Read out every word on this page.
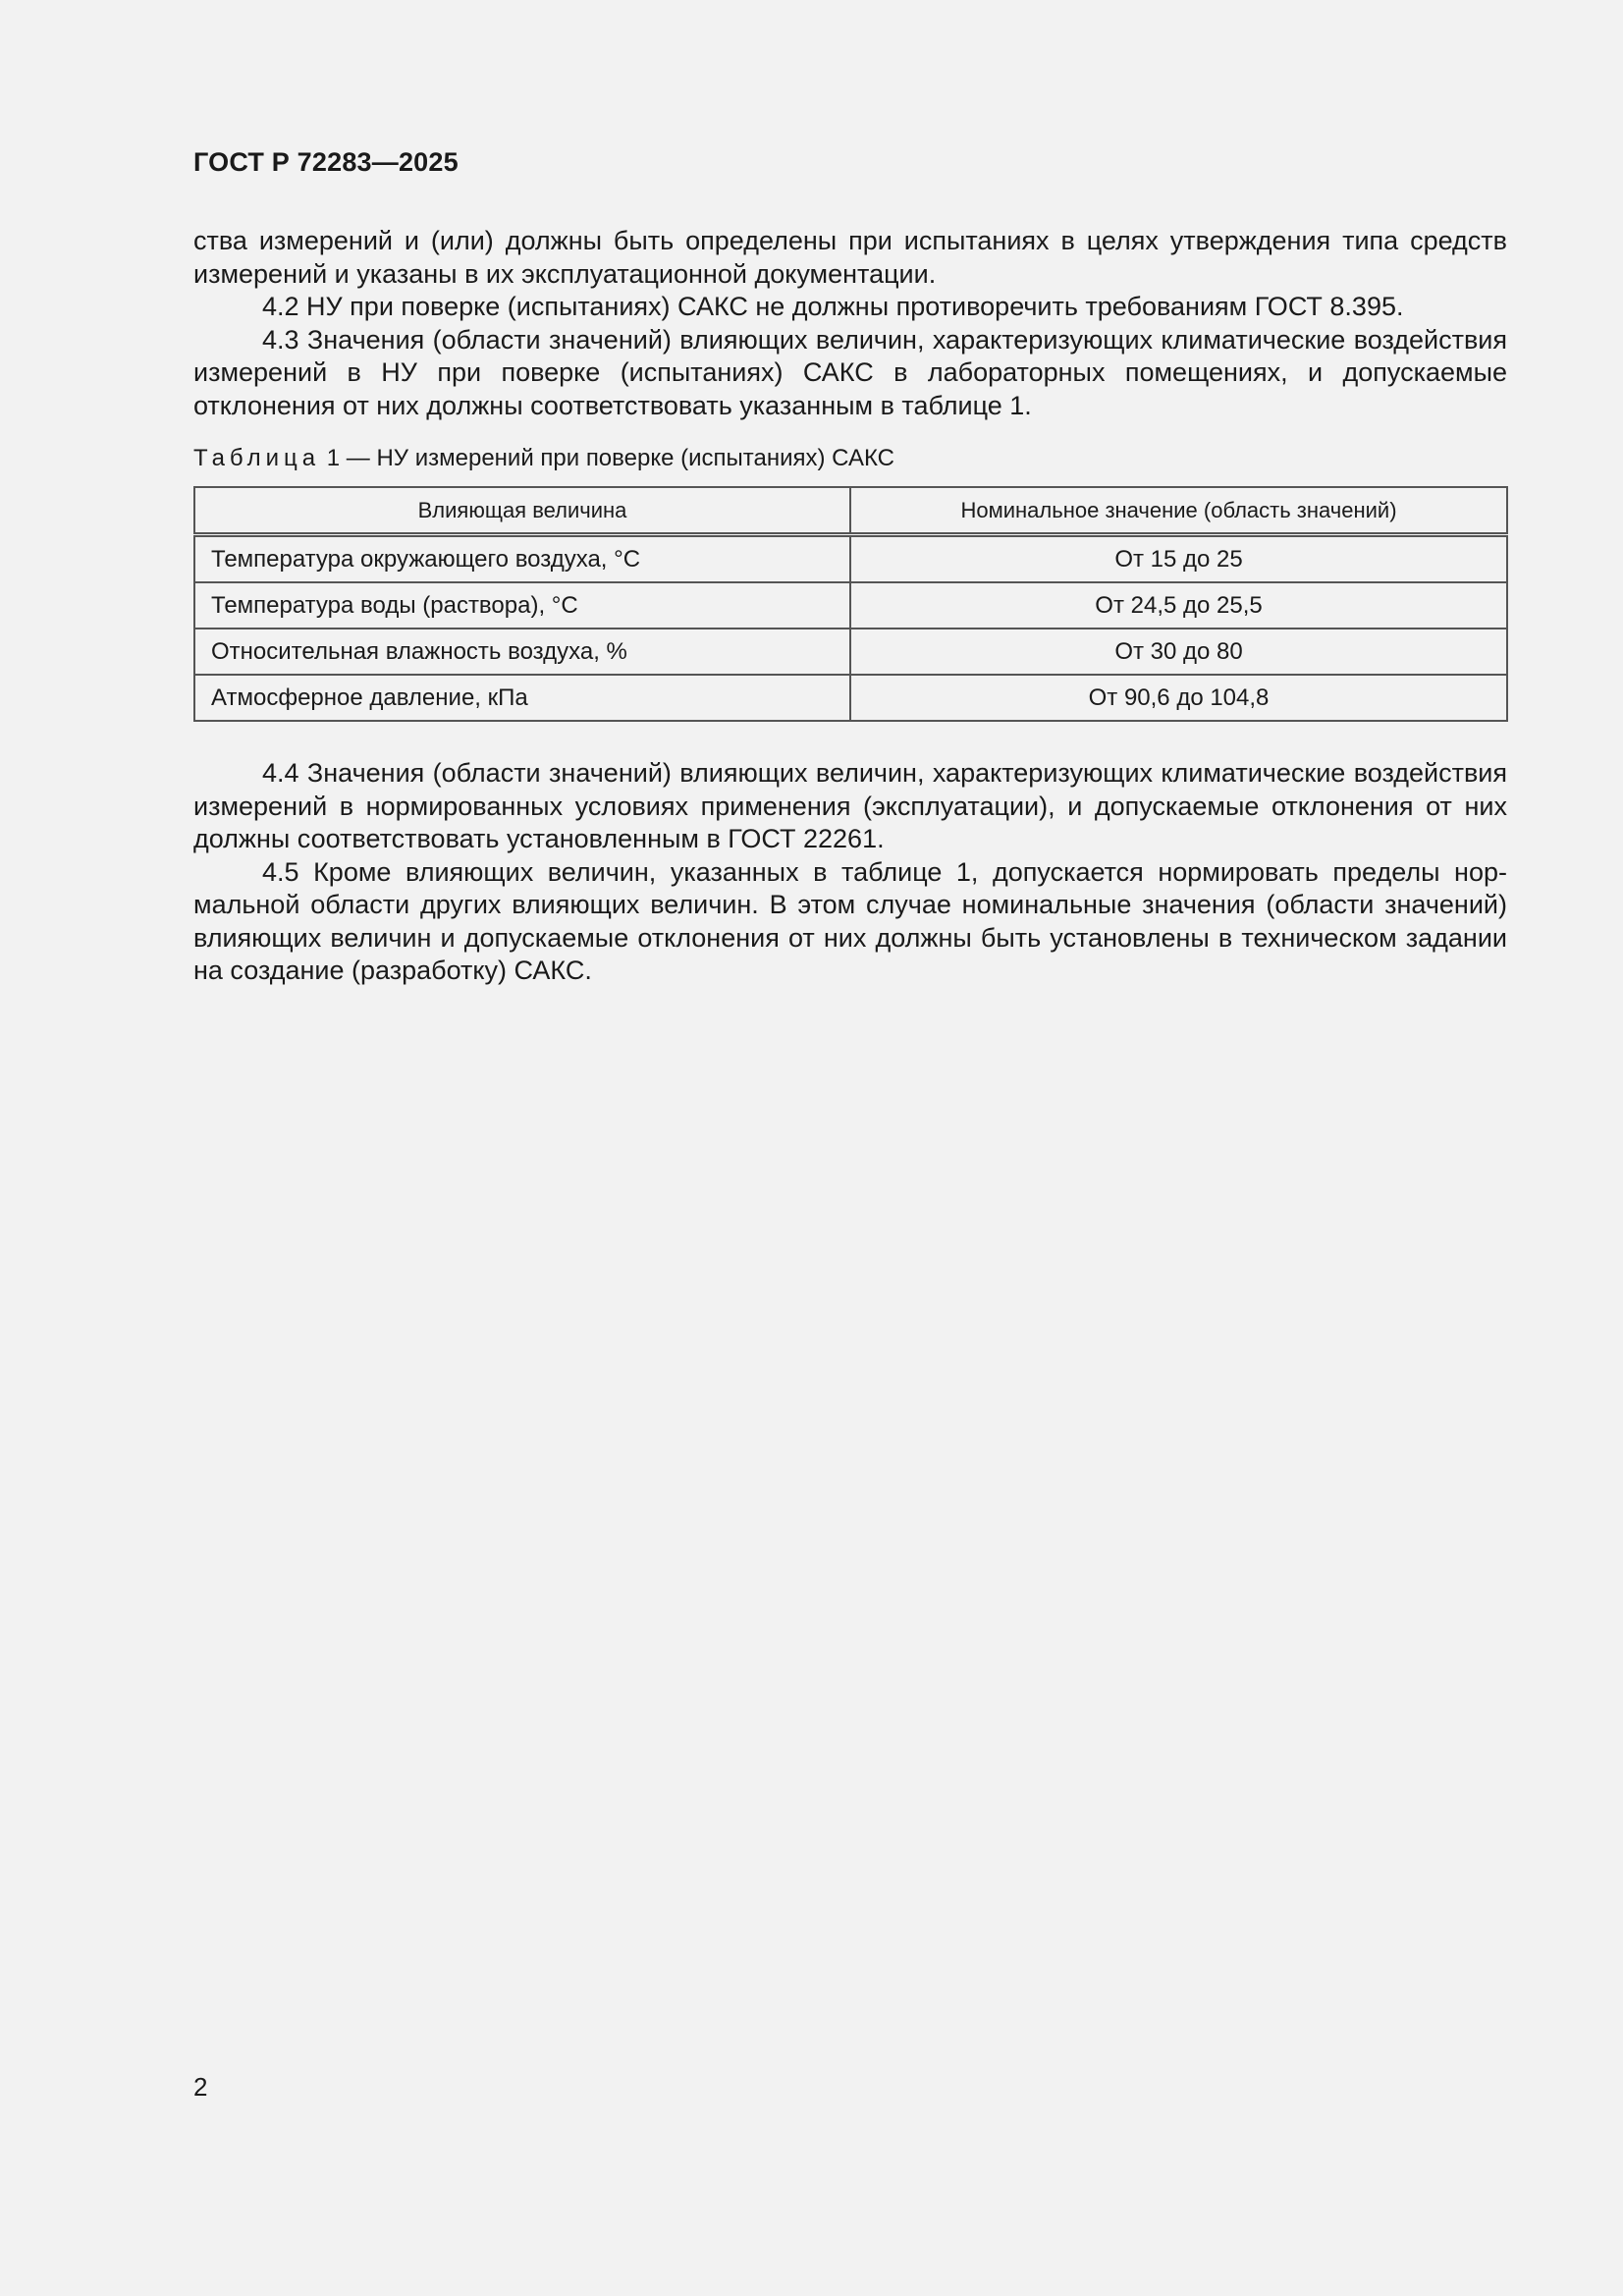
ГОСТ Р 72283—2025

ства измерений и (или) должны быть определены при испытаниях в целях утверждения типа средств измерений и указаны в их эксплуатационной документации.

4.2 НУ при поверке (испытаниях) САКС не должны противоречить требованиям ГОСТ 8.395.

4.3 Значения (области значений) влияющих величин, характеризующих климатические воздействия измерений в НУ при поверке (испытаниях) САКС в лабораторных помещениях, и допускаемые отклонения от них должны соответствовать указанным в таблице 1.

Таблица 1 — НУ измерений при поверке (испытаниях) САКС
Влияющая величина	Номинальное значение (область значений)
Температура окружающего воздуха, °С	От 15 до 25
Температура воды (раствора), °С	От 24,5 до 25,5
Относительная влажность воздуха, %	От 30 до 80
Атмосферное давление, кПа	От 90,6 до 104,8

4.4 Значения (области значений) влияющих величин, характеризующих климатические воздействия измерений в нормированных условиях применения (эксплуатации), и допускаемые отклонения от них должны соответствовать установленным в ГОСТ 22261.

4.5 Кроме влияющих величин, указанных в таблице 1, допускается нормировать пределы нормальной области других влияющих величин. В этом случае номинальные значения (области значений) влияющих величин и допускаемые отклонения от них должны быть установлены в техническом задании на создание (разработку) САКС.

2
